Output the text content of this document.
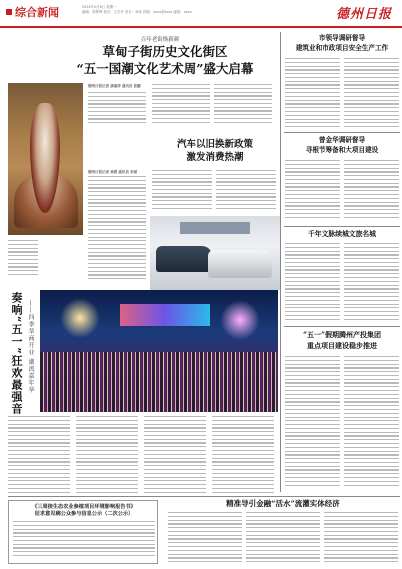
综合新闻	2024年5月6日 星期一
编辑：张辉辉 校对：王学华 美术：刘伟 投稿：xxxx@xxxx 邮箱：xxxx	德州日报
百年老街焕新颜
草甸子街历史文化街区
“五一国潮文化艺术周”盛大启幕
德州日报记者 康淑萍 通讯员 张鹏
汽车以旧换新政策
激发消费热潮
德州日报记者 林霖 通讯员 李斌
奏响“五一”狂欢最强音 ——四季华商开业 潮流嘉年华
市领导调研督导
建筑业和市政项目安全生产工作
曾金华调研督导
寻根节筹备和大项目建设
千年文脉续城文旅名城
“五一”假期腾州产投集团
重点项目建设稳步推进
《三周接生态农业参植项目环境影响报告书》
征求意见稿公众参与信息公示（二次公示）
精准导引金融“活水”流灌实体经济
